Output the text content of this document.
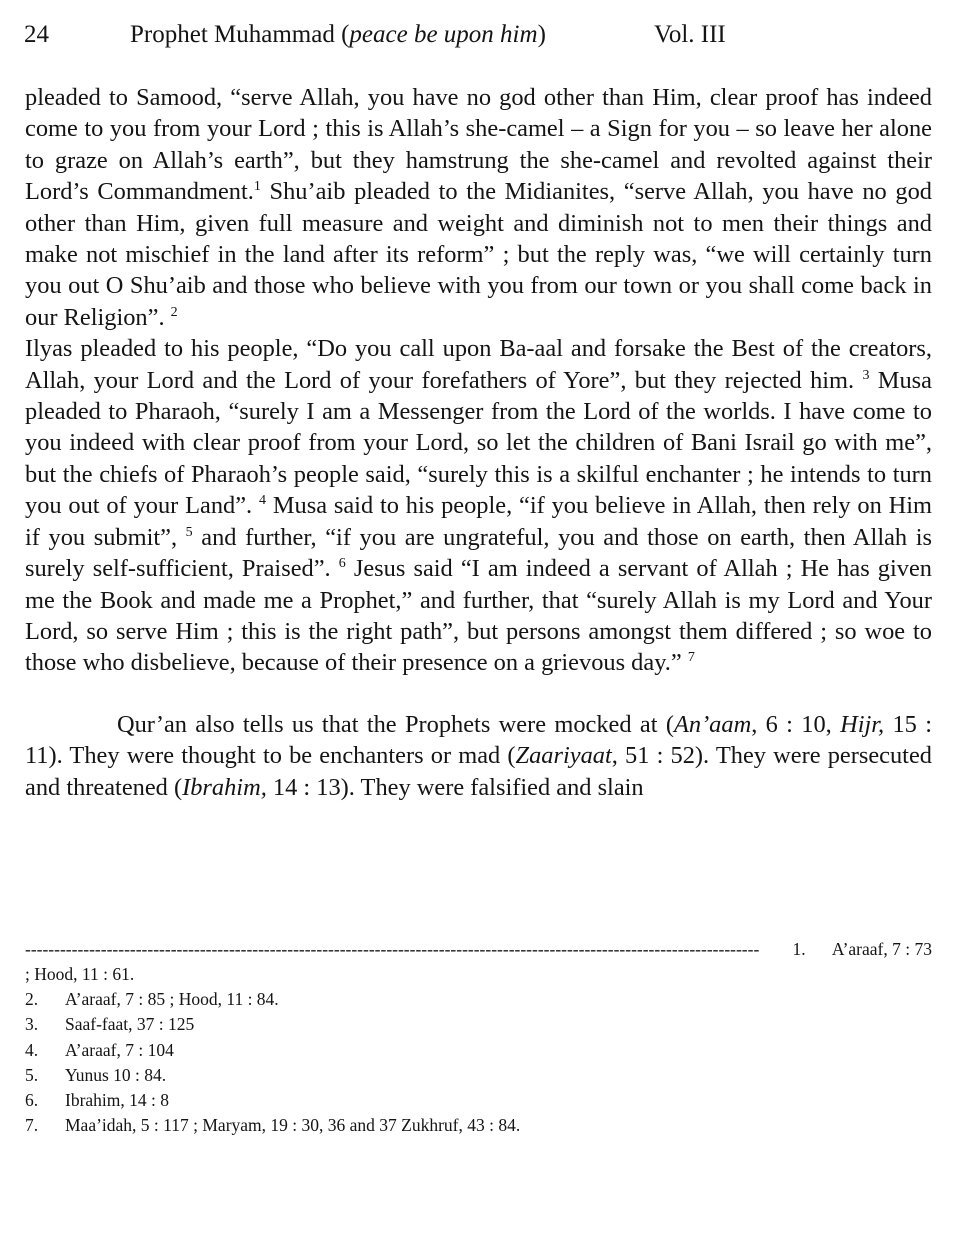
24	Prophet Muhammad (peace be upon him)	Vol. III

pleaded to Samood, “serve Allah, you have no god other than Him, clear proof has indeed come to you from your Lord ; this is Allah’s she-camel – a Sign for you – so leave her alone to graze on Allah’s earth”, but they hamstrung the she-camel and revolted against their Lord’s Commandment.$^1$ Shu’aib pleaded to the Midianites, “serve Allah, you have no god other than Him, given full measure and weight and diminish not to men their things and make not mischief in the land after its reform” ; but the reply was, “we will certainly turn you out O Shu’aib and those who believe with you from our town or you shall come back in our Religion”. $^2$

Ilyas pleaded to his people, “Do you call upon Ba-aal and forsake the Best of the creators, Allah, your Lord and the Lord of your forefathers of Yore”, but they rejected him. $^3$ Musa pleaded to Pharaoh, “surely I am a Messenger from the Lord of the worlds. I have come to you indeed with clear proof from your Lord, so let the children of Bani Israil go with me”, but the chiefs of Pharaoh’s people said, “surely this is a skilful enchanter ; he intends to turn you out of your Land”. $^4$ Musa said to his people, “if you believe in Allah, then rely on Him if you submit”, $^5$ and further, “if you are ungrateful, you and those on earth, then Allah is surely self-sufficient, Praised”. $^6$ Jesus said “I am indeed a servant of Allah ; He has given me the Book and made me a Prophet,” and further, that “surely Allah is my Lord and Your Lord, so serve Him ; this is the right path”, but persons amongst them differed ; so woe to those who disbelieve, because of their presence on a grievous day.” $^7$

Qur’an also tells us that the Prophets were mocked at (An’aam, 6 : 10, Hijr, 15 : 11). They were thought to be enchanters or mad (Zaariyaat, 51 : 52). They were persecuted and threatened (Ibrahim, 14 : 13). They were falsified and slain

------------------------------------------------------------------------------------------------------------------------------ 1. A’araaf, 7 : 73
; Hood, 11 : 61.
2.	A’araaf, 7 : 85 ; Hood, 11 : 84.
3.	Saaf-faat, 37 : 125
4.	A’araaf, 7 : 104
5.	Yunus 10 : 84.
6.	Ibrahim, 14 : 8
7.	Maa’idah, 5 : 117 ; Maryam, 19 : 30, 36 and 37 Zukhruf, 43 : 84.
